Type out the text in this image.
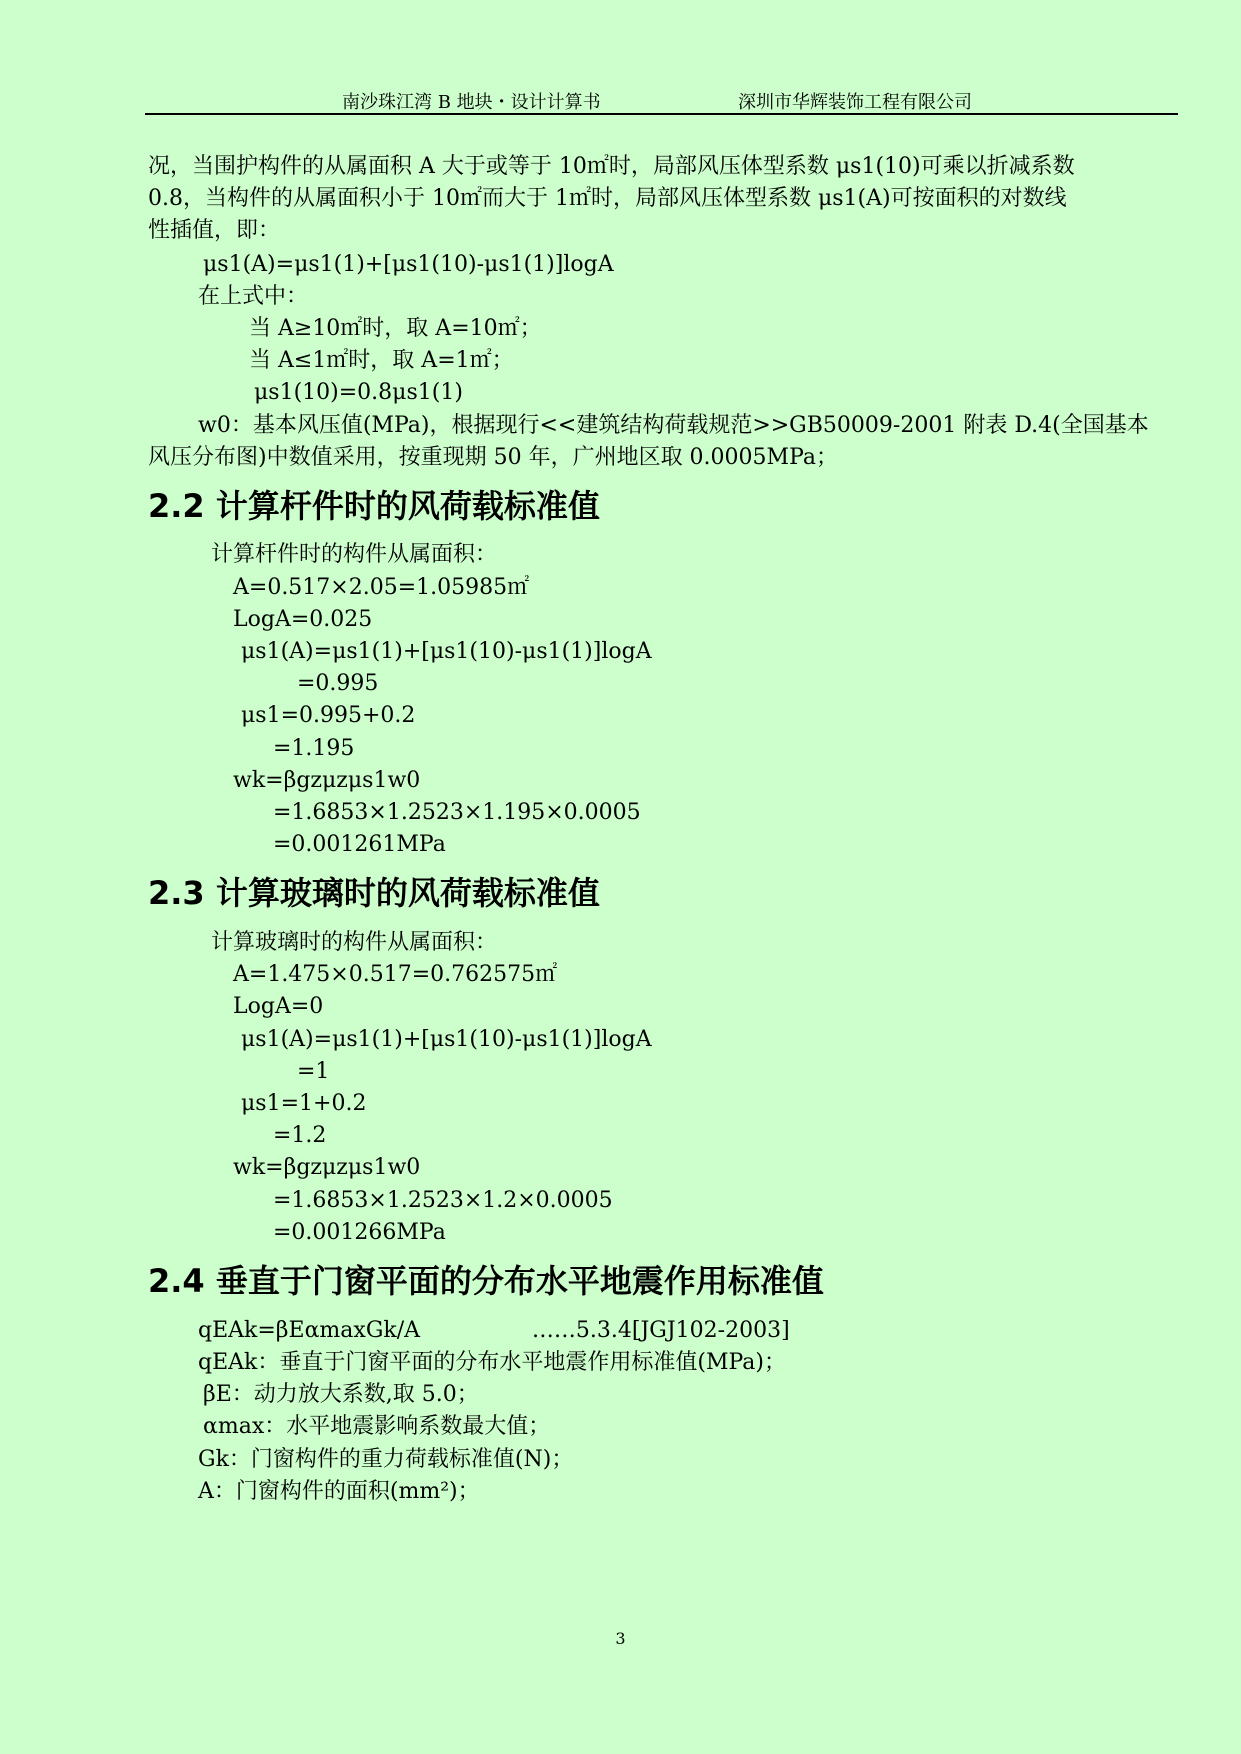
南沙珠江湾 B 地块・设计计算书	深圳市华辉装饰工程有限公司
况，当围护构件的从属面积 A 大于或等于 10㎡时，局部风压体型系数 μs1(10)可乘以折减系数
0.8，当构件的从属面积小于 10㎡而大于 1㎡时，局部风压体型系数 μs1(A)可按面积的对数线
性插值，即：
μs1(A)=μs1(1)+[μs1(10)-μs1(1)]logA
在上式中：
当 A≥10㎡时，取 A=10㎡；
当 A≤1㎡时，取 A=1㎡；
μs1(10)=0.8μs1(1)
w0：基本风压值(MPa)，根据现行<<建筑结构荷载规范>>GB50009-2001 附表 D.4(全国基本
风压分布图)中数值采用，按重现期 50 年，广州地区取 0.0005MPa；
2.2 计算杆件时的风荷载标准值
计算杆件时的构件从属面积：
A=0.517×2.05=1.05985㎡
LogA=0.025
μs1(A)=μs1(1)+[μs1(10)-μs1(1)]logA
=0.995
μs1=0.995+0.2
=1.195
wk=βgzμzμs1w0
=1.6853×1.2523×1.195×0.0005
=0.001261MPa
2.3 计算玻璃时的风荷载标准值
计算玻璃时的构件从属面积：
A=1.475×0.517=0.762575㎡
LogA=0
μs1(A)=μs1(1)+[μs1(10)-μs1(1)]logA
=1
μs1=1+0.2
=1.2
wk=βgzμzμs1w0
=1.6853×1.2523×1.2×0.0005
=0.001266MPa
2.4 垂直于门窗平面的分布水平地震作用标准值
qEAk=βEαmaxGk/A                ……5.3.4[JGJ102-2003]
qEAk：垂直于门窗平面的分布水平地震作用标准值(MPa)；
βE：动力放大系数,取 5.0；
αmax：水平地震影响系数最大值；
Gk：门窗构件的重力荷载标准值(N)；
A：门窗构件的面积(mm²)；
3
